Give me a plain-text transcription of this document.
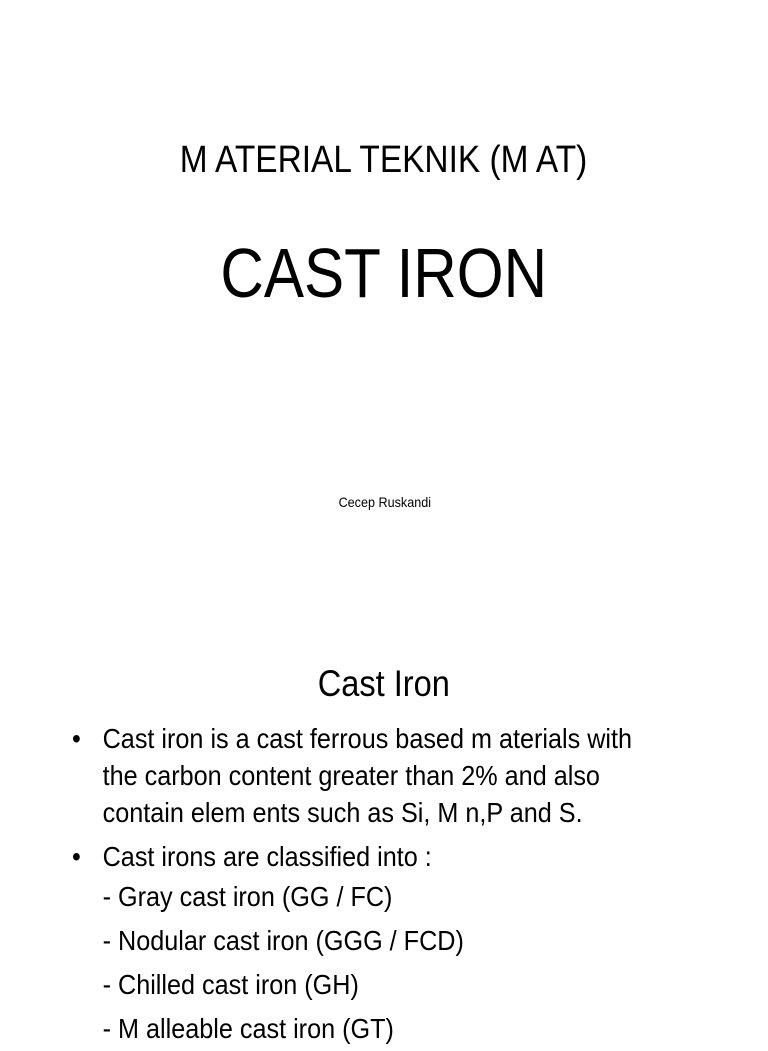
M ATERIAL TEKNIK (M AT)
CAST IRON
Cecep Ruskandi
Cast Iron
• Cast iron is a cast ferrous based m aterials with
the carbon content greater than 2% and also
contain elem ents such as Si, M n,P and S.
• Cast irons are classified into :
- Gray cast iron (GG / FC)
- Nodular cast iron (GGG / FCD)
- Chilled cast iron (GH)
- M alleable cast iron (GT)
